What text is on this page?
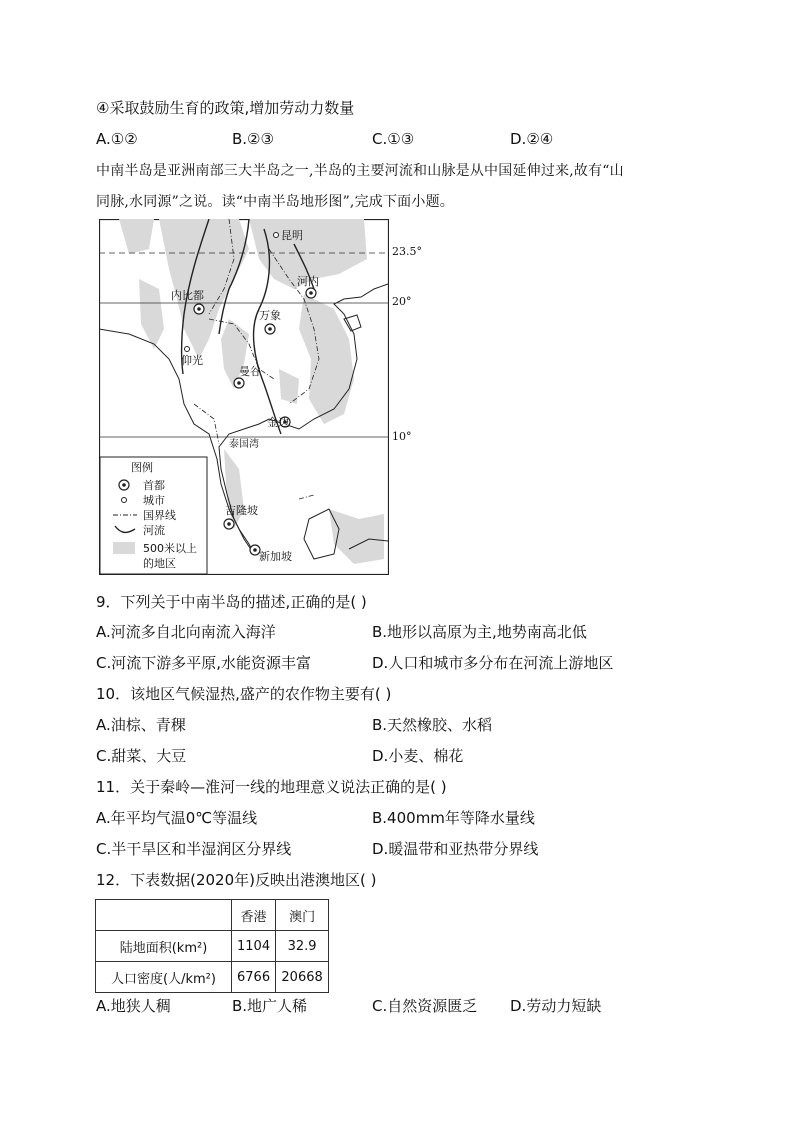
④采取鼓励生育的政策,增加劳动力数量
A.①②	B.②③	C.①③	D.②④
中南半岛是亚洲南部三大半岛之一,半岛的主要河流和山脉是从中国延伸过来,故有“山
同脉,水同源”之说。读“中南半岛地形图”,完成下面小题。
昆明
河内
内比都
万象
仰光
曼谷
金边
泰国湾
吉隆坡
新加坡
图例
首都
城市
国界线
河流
500米以上
的地区
23.5°
20°
10°
9．下列关于中南半岛的描述,正确的是( )
A.河流多自北向南流入海洋	B.地形以高原为主,地势南高北低
C.河流下游多平原,水能资源丰富	D.人口和城市多分布在河流上游地区
10．该地区气候湿热,盛产的农作物主要有( )
A.油棕、青稞	B.天然橡胶、水稻
C.甜菜、大豆	D.小麦、棉花
11．关于秦岭—淮河一线的地理意义说法正确的是( )
A.年平均气温0℃等温线	B.400mm年等降水量线
C.半干旱区和半湿润区分界线	D.暖温带和亚热带分界线
12．下表数据(2020年)反映出港澳地区( )
	香港	澳门
陆地面积(km²)	1104	32.9
人口密度(人/km²)	6766	20668
A.地狭人稠	B.地广人稀	C.自然资源匮乏 D.劳动力短缺
